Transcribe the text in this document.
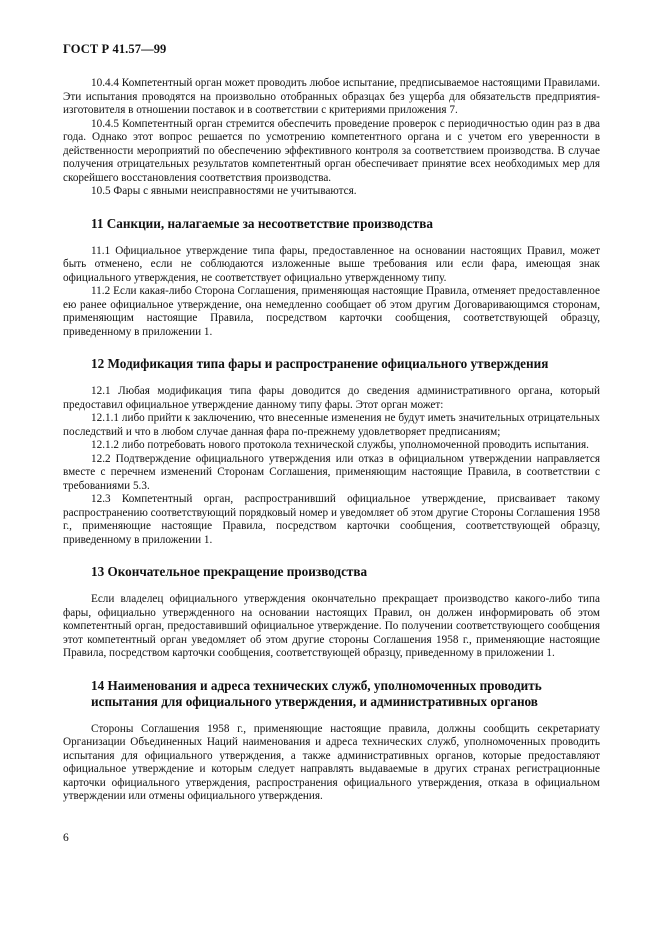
ГОСТ Р 41.57—99

10.4.4 Компетентный орган может проводить любое испытание, предписываемое настоящими Правилами. Эти испытания проводятся на произвольно отобранных образцах без ущерба для обязательств предприятия-изготовителя в отношении поставок и в соответствии с критериями приложения 7.

10.4.5 Компетентный орган стремится обеспечить проведение проверок с периодичностью один раз в два года. Однако этот вопрос решается по усмотрению компетентного органа и с учетом его уверенности в действенности мероприятий по обеспечению эффективного контроля за соответствием производства. В случае получения отрицательных результатов компетентный орган обеспечивает принятие всех необходимых мер для скорейшего восстановления соответствия производства.

10.5 Фары с явными неисправностями не учитываются.

11 Санкции, налагаемые за несоответствие производства

11.1 Официальное утверждение типа фары, предоставленное на основании настоящих Правил, может быть отменено, если не соблюдаются изложенные выше требования или если фара, имеющая знак официального утверждения, не соответствует официально утвержденному типу.

11.2 Если какая-либо Сторона Соглашения, применяющая настоящие Правила, отменяет предоставленное ею ранее официальное утверждение, она немедленно сообщает об этом другим Договаривающимся сторонам, применяющим настоящие Правила, посредством карточки сообщения, соответствующей образцу, приведенному в приложении 1.

12 Модификация типа фары и распространение официального утверждения

12.1 Любая модификация типа фары доводится до сведения административного органа, который предоставил официальное утверждение данному типу фары. Этот орган может:

12.1.1 либо прийти к заключению, что внесенные изменения не будут иметь значительных отрицательных последствий и что в любом случае данная фара по-прежнему удовлетворяет предписаниям;

12.1.2 либо потребовать нового протокола технической службы, уполномоченной проводить испытания.

12.2 Подтверждение официального утверждения или отказ в официальном утверждении направляется вместе с перечнем изменений Сторонам Соглашения, применяющим настоящие Правила, в соответствии с требованиями 5.3.

12.3 Компетентный орган, распространивший официальное утверждение, присваивает такому распространению соответствующий порядковый номер и уведомляет об этом другие Стороны Соглашения 1958 г., применяющие настоящие Правила, посредством карточки сообщения, соответствующей образцу, приведенному в приложении 1.

13 Окончательное прекращение производства

Если владелец официального утверждения окончательно прекращает производство какого-либо типа фары, официально утвержденного на основании настоящих Правил, он должен информировать об этом компетентный орган, предоставивший официальное утверждение. По получении соответствующего сообщения этот компетентный орган уведомляет об этом другие стороны Соглашения 1958 г., применяющие настоящие Правила, посредством карточки сообщения, соответствующей образцу, приведенному в приложении 1.

14 Наименования и адреса технических служб, уполномоченных проводить испытания для официального утверждения, и административных органов

Стороны Соглашения 1958 г., применяющие настоящие правила, должны сообщить секретариату Организации Объединенных Наций наименования и адреса технических служб, уполномоченных проводить испытания для официального утверждения, а также административных органов, которые предоставляют официальное утверждение и которым следует направлять выдаваемые в других странах регистрационные карточки официального утверждения, распространения официального утверждения, отказа в официальном утверждении или отмены официального утверждения.

6
